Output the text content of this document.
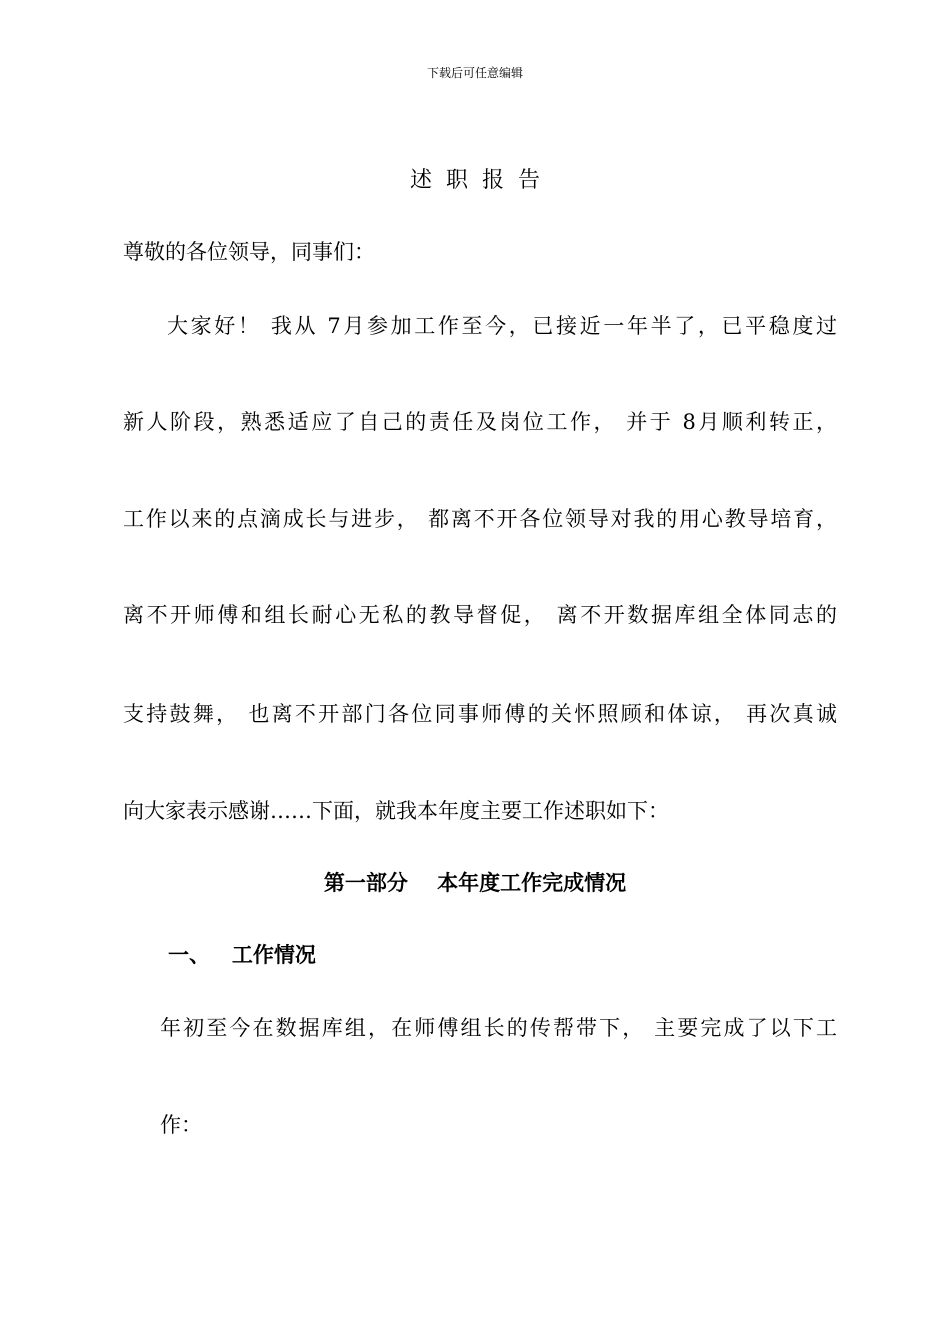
下载后可任意编辑
述职报告
尊敬的各位领导，同事们：
大家好！ 我从 7月参加工作至今，已接近一年半了，已平稳度过
新人阶段，熟悉适应了自己的责任及岗位工作， 并于 8月顺利转正，
工作以来的点滴成长与进步， 都离不开各位领导对我的用心教导培育，
离不开师傅和组长耐心无私的教导督促， 离不开数据库组全体同志的
支持鼓舞， 也离不开部门各位同事师傅的关怀照顾和体谅， 再次真诚
向大家表示感谢……下面，就我本年度主要工作述职如下：
第一部分    本年度工作完成情况
一、   工作情况
年初至今在数据库组，在师傅组长的传帮带下， 主要完成了以下工
作：
